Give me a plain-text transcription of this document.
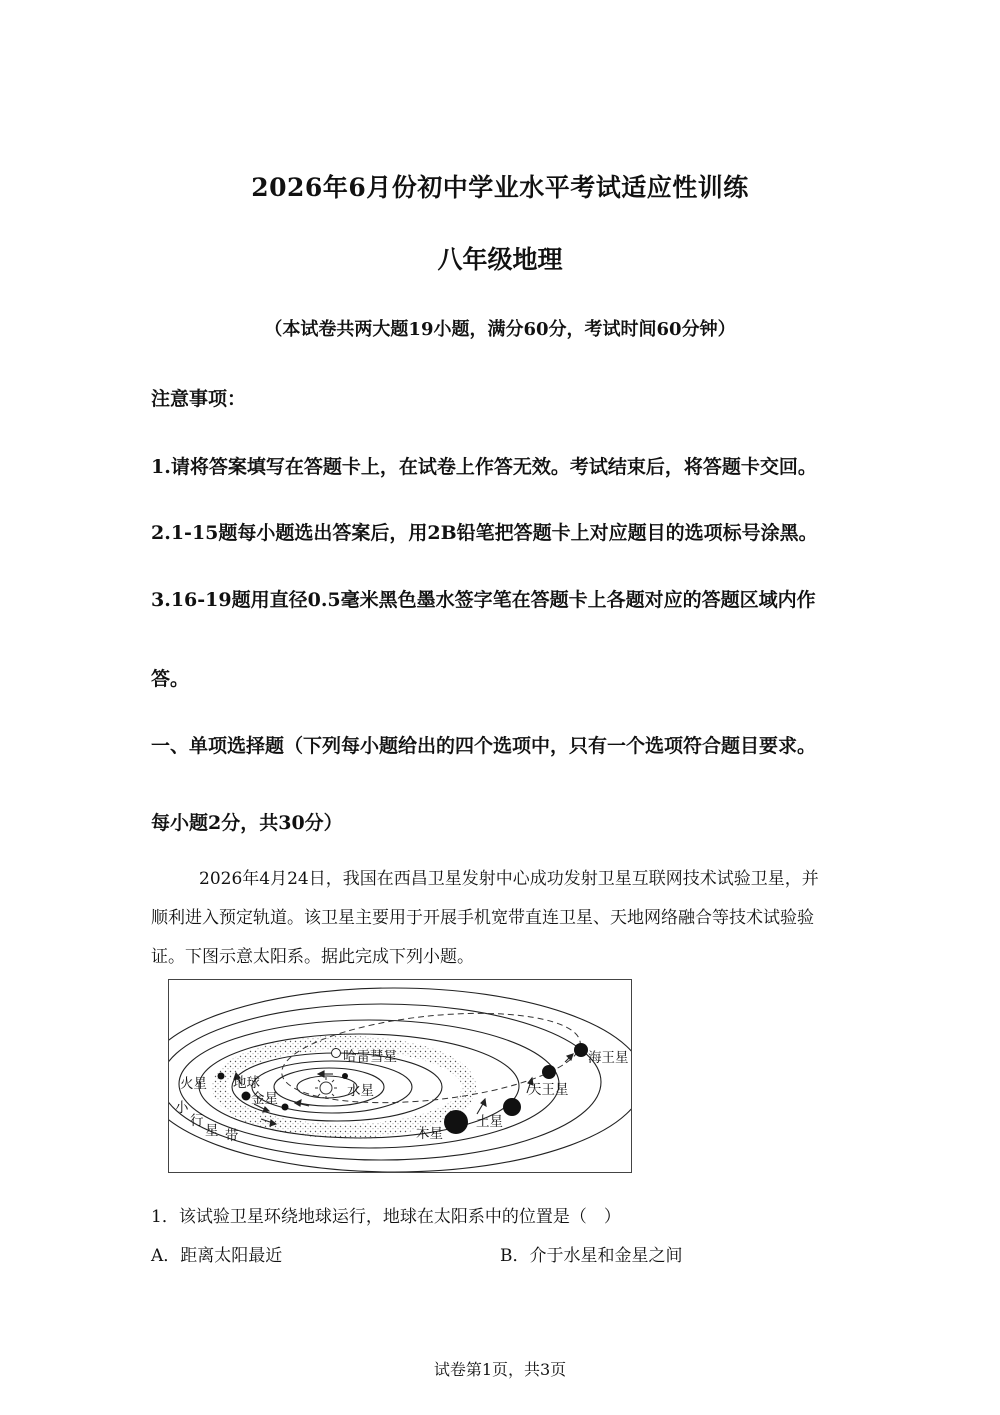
2026年6月份初中学业水平考试适应性训练
八年级地理
（本试卷共两大题19小题，满分60分，考试时间60分钟）
注意事项：
1.请将答案填写在答题卡上，在试卷上作答无效。考试结束后，将答题卡交回。
2.1-15题每小题选出答案后，用2B铅笔把答题卡上对应题目的选项标号涂黑。
3.16-19题用直径0.5毫米黑色墨水签字笔在答题卡上各题对应的答题区域内作
答。
一、单项选择题（下列每小题给出的四个选项中，只有一个选项符合题目要求。
每小题2分，共30分）
2026年4月24日，我国在西昌卫星发射中心成功发射卫星互联网技术试验卫星，并
顺利进入预定轨道。该卫星主要用于开展手机宽带直连卫星、天地网络融合等技术试验验
证。下图示意太阳系。据此完成下列小题。
哈雷彗星
水星
金星
地球
火星
木星
土星
天王星
海王星
小
行
星 带
1．该试验卫星环绕地球运行，地球在太阳系中的位置是（　）
A．距离太阳最近	B．介于水星和金星之间
试卷第1页，共3页
